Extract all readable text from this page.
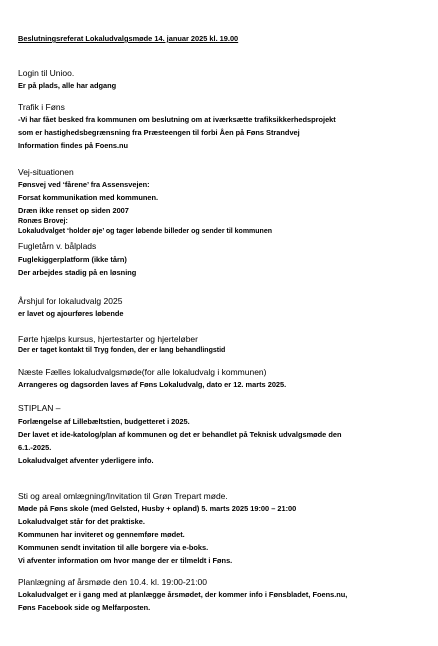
Beslutningsreferat Lokaludvalgsmøde 14. januar 2025 kl. 19.00
Login til Unioo.
Er på plads, alle har adgang
Trafik i Føns
-Vi har fået besked fra kommunen om beslutning om at iværksætte trafiksikkerhedsprojekt
som er hastighedsbegrænsning fra Præsteengen til forbi Åen på Føns Strandvej
Information findes på Foens.nu
Vej-situationen
Fønsvej ved ‘fårene’ fra Assensvejen:
Forsat kommunikation med kommunen.
Dræn ikke renset op siden 2007
Ronæs Brovej:
Lokaludvalget ‘holder øje’ og tager løbende billeder og sender til kommunen
Fugletårn v. bålplads
Fuglekiggerplatform (ikke tårn)
Der arbejdes stadig på en løsning
Årshjul for lokaludvalg 2025
er lavet og ajourføres løbende
Førte hjælps kursus, hjertestarter og hjerteløber
Der er taget kontakt til Tryg fonden, der er lang behandlingstid
Næste Fælles lokaludvalgsmøde(for alle lokaludvalg i kommunen)
Arrangeres og dagsorden laves af Føns Lokaludvalg, dato er 12. marts 2025.
STIPLAN –
Forlængelse af Lillebæltstien, budgetteret i 2025.
Der lavet et ide-katolog/plan af kommunen og det er behandlet på Teknisk udvalgsmøde den
6.1.-2025.
Lokaludvalget afventer yderligere info.
Sti og areal omlægning/Invitation til Grøn Trepart møde.
Møde på Føns skole (med Gelsted, Husby + opland) 5. marts 2025 19:00 – 21:00
Lokaludvalget står for det praktiske.
Kommunen har inviteret og gennemføre mødet.
Kommunen sendt invitation til alle borgere via e-boks.
Vi afventer information om hvor mange der er tilmeldt i Føns.
Planlægning af årsmøde den 10.4. kl. 19:00-21:00
Lokaludvalget er i gang med at planlægge årsmødet, der kommer info i Fønsbladet, Foens.nu,
Føns Facebook side og Melfarposten.
